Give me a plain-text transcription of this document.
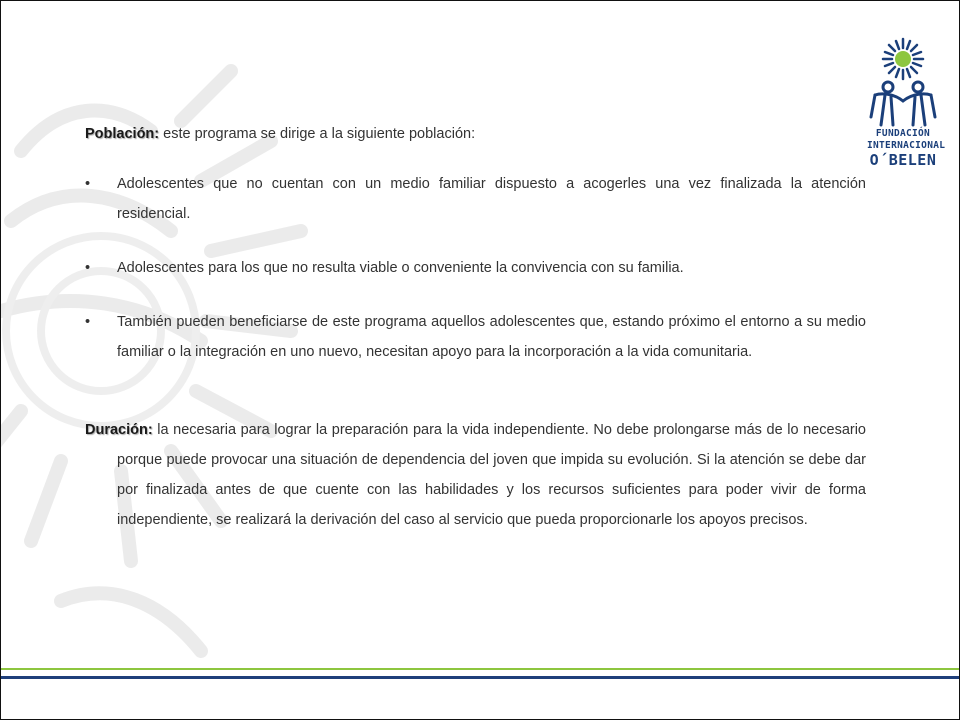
FUNDACIÓN
INTERNACIONAL
O´BELEN

Población: este programa se dirige a la siguiente población:

•	Adolescentes que no cuentan con un medio familiar dispuesto a acogerles una vez finalizada la atención residencial.
•	Adolescentes para los que no resulta viable o conveniente la convivencia con su familia.
•	También pueden beneficiarse de este programa aquellos adolescentes que, estando próximo el entorno a su medio familiar o la integración en uno nuevo, necesitan apoyo para la incorporación a la vida comunitaria.

Duración: la necesaria para lograr la preparación para la vida independiente. No debe prolongarse más de lo necesario porque puede provocar una situación de dependencia del joven que impida su evolución. Si la atención se debe dar por finalizada antes de que cuente con las habilidades y los recursos suficientes para poder vivir de forma independiente, se realizará la derivación del caso al servicio que pueda proporcionarle los apoyos precisos.
